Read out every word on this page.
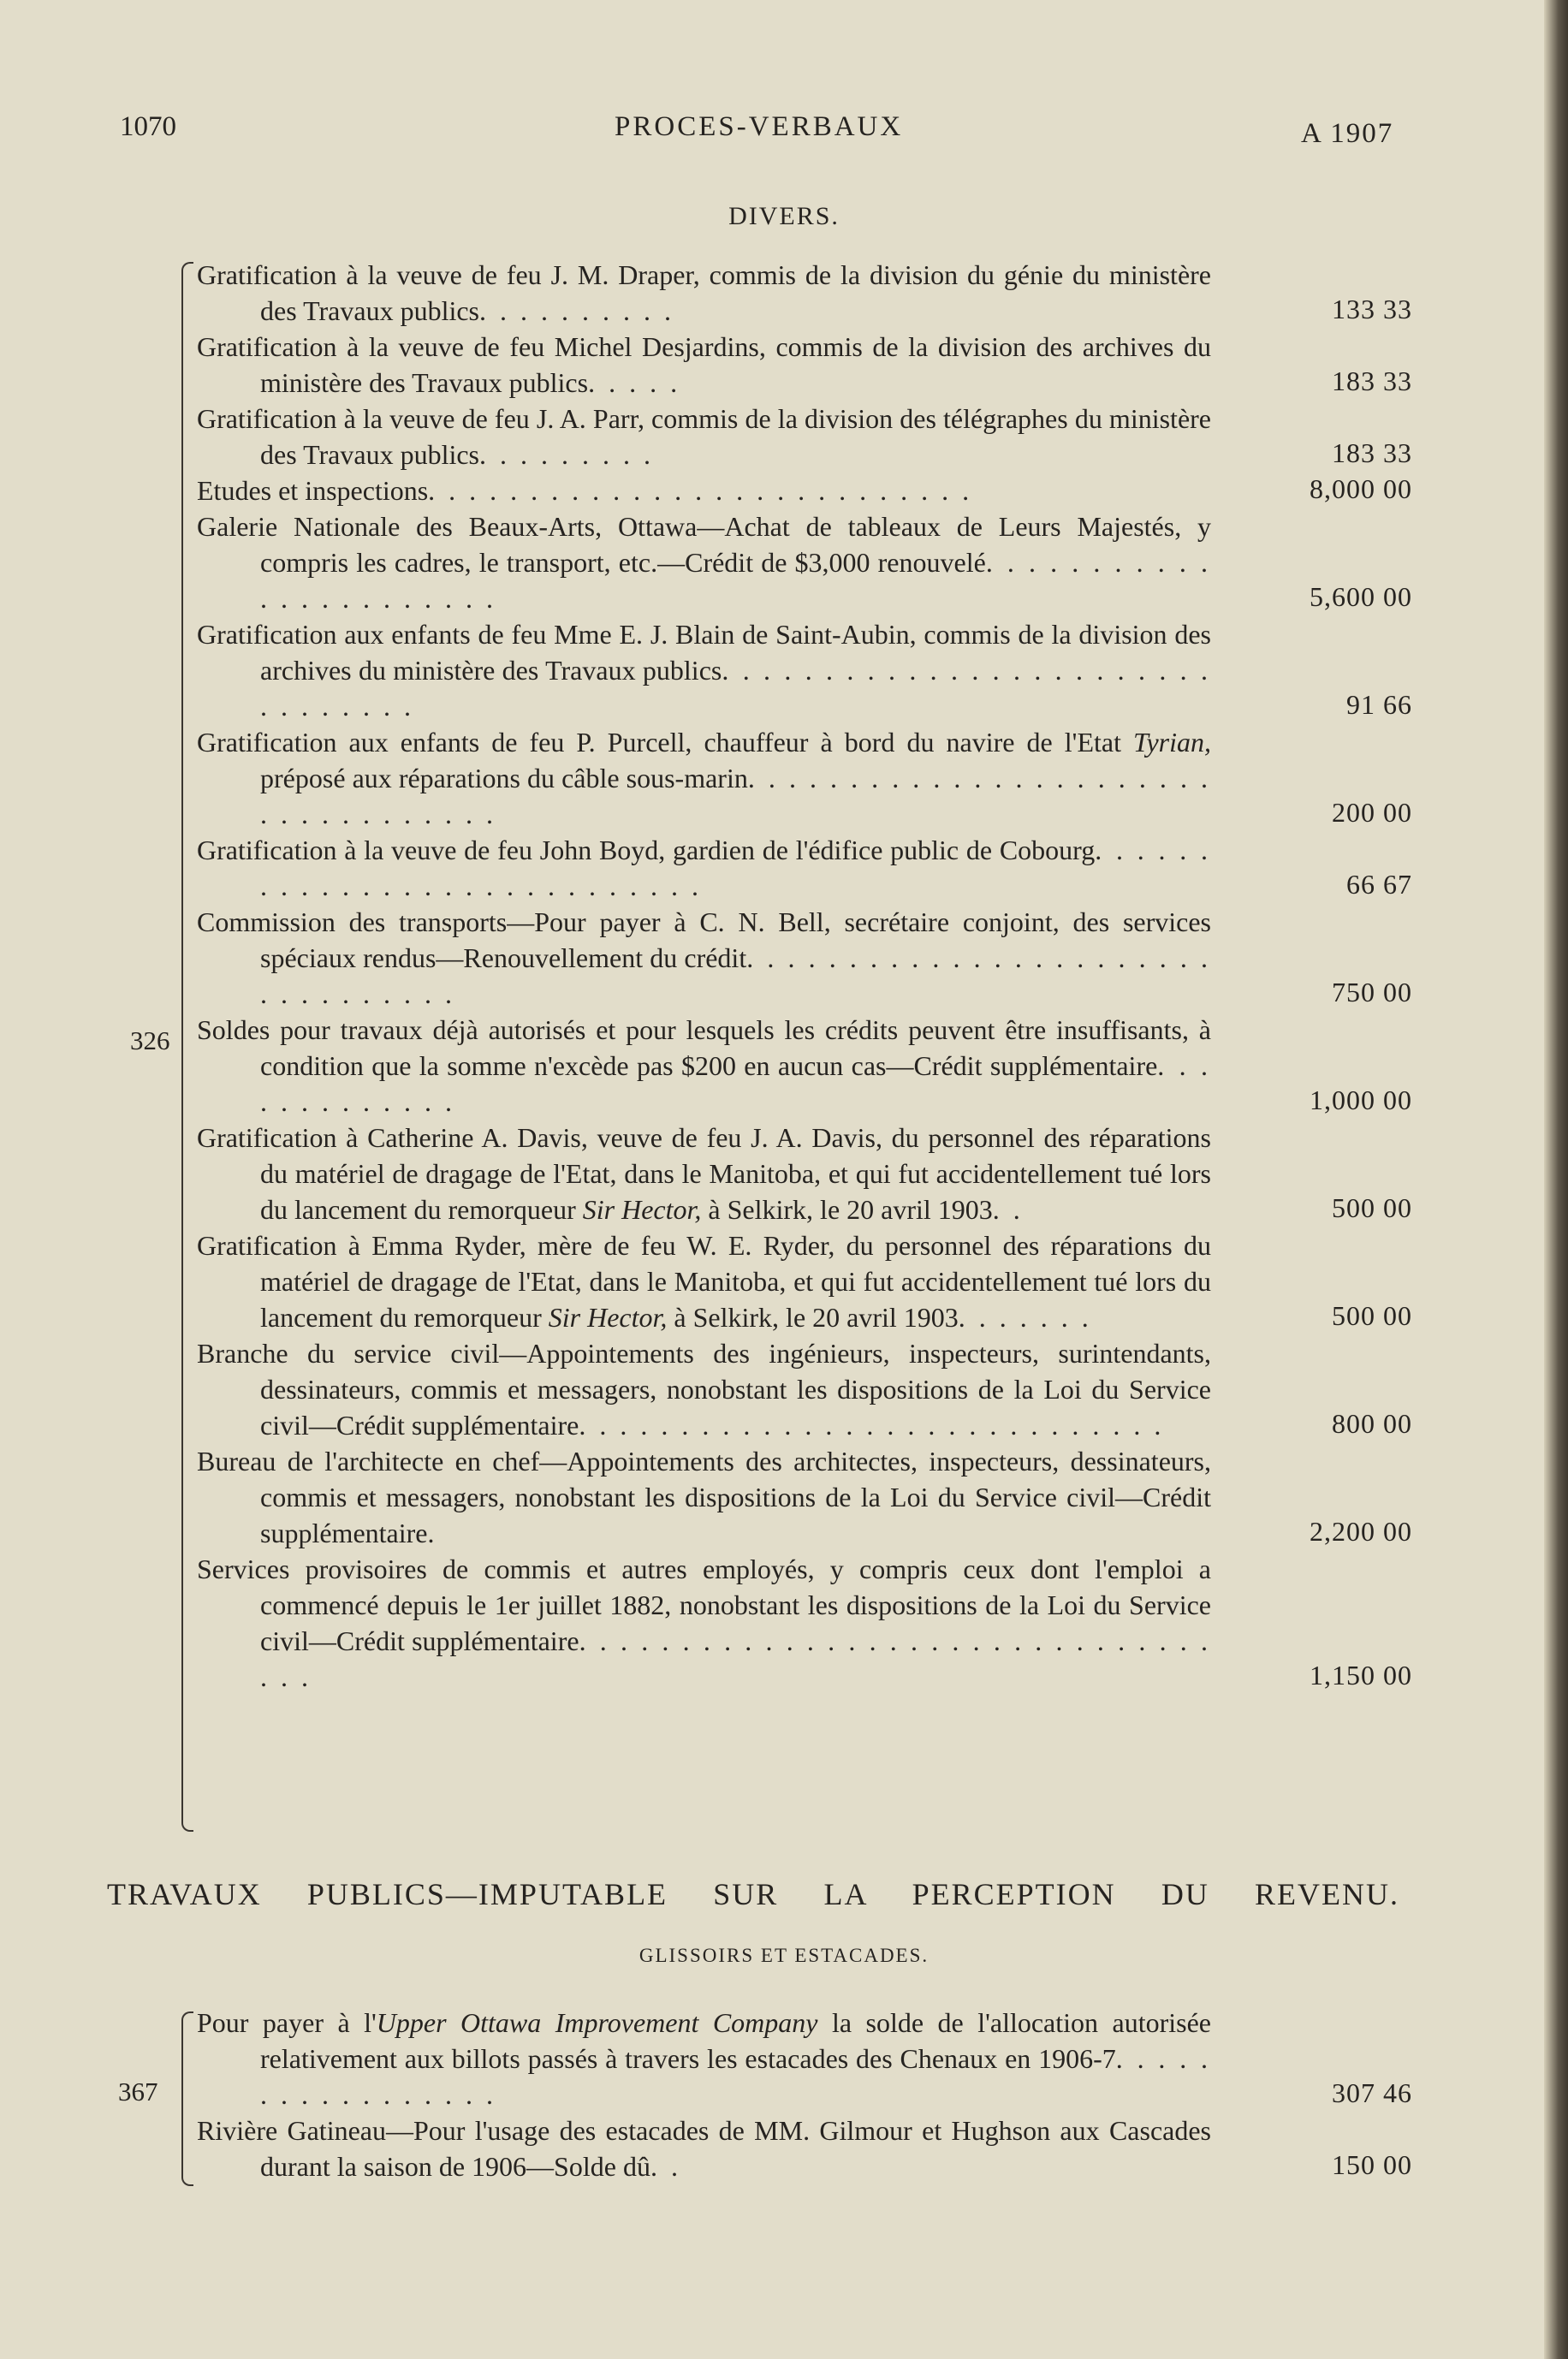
1070	PROCES-VERBAUX	A 1907
DIVERS.
326
Gratification à la veuve de feu J. M. Draper, commis de la division du génie du ministère des Travaux publics. . . . . . . . . .	133 33
Gratification à la veuve de feu Michel Desjardins, commis de la division des archives du ministère des Travaux publics. . . . .	183 33
Gratification à la veuve de feu J. A. Parr, commis de la division des télégraphes du ministère des Travaux publics. . . . . . . . .	183 33
Etudes et inspections. . . . . . . . . . . . . . . . . . . . . . . . . . .	8,000 00
Galerie Nationale des Beaux-Arts, Ottawa—Achat de tableaux de Leurs Majestés, y compris les cadres, le transport, etc.—Crédit de $3,000 renouvelé. . . . . . . . . . . . . . . . . . . . . . .	5,600 00
Gratification aux enfants de feu Mme E. J. Blain de Saint-Aubin, commis de la division des archives du ministère des Travaux publics. . . . . . . . . . . . . . . . . . . . . . . . . . . . . . . .	91 66
Gratification aux enfants de feu P. Purcell, chauffeur à bord du navire de l'Etat Tyrian, préposé aux réparations du câble sous-marin. . . . . . . . . . . . . . . . . . . . . . . . . . . . . . . . . . .	200 00
Gratification à la veuve de feu John Boyd, gardien de l'édifice public de Cobourg. . . . . . . . . . . . . . . . . . . . . . . . . . . .	66 67
Commission des transports—Pour payer à C. N. Bell, secrétaire conjoint, des services spéciaux rendus—Renouvellement du crédit. . . . . . . . . . . . . . . . . . . . . . . . . . . . . . . . .	750 00
Soldes pour travaux déjà autorisés et pour lesquels les crédits peuvent être insuffisants, à condition que la somme n'excède pas $200 en aucun cas—Crédit supplémentaire. . . . . . . . . . . . .	1,000 00
Gratification à Catherine A. Davis, veuve de feu J. A. Davis, du personnel des réparations du matériel de dragage de l'Etat, dans le Manitoba, et qui fut accidentellement tué lors du lancement du remorqueur Sir Hector, à Selkirk, le 20 avril 1903. .	500 00
Gratification à Emma Ryder, mère de feu W. E. Ryder, du personnel des réparations du matériel de dragage de l'Etat, dans le Manitoba, et qui fut accidentellement tué lors du lancement du remorqueur Sir Hector, à Selkirk, le 20 avril 1903. . . . . . .	500 00
Branche du service civil—Appointements des ingénieurs, inspecteurs, surintendants, dessinateurs, commis et messagers, nonobstant les dispositions de la Loi du Service civil—Crédit supplémentaire. . . . . . . . . . . . . . . . . . . . . . . . . . . . .	800 00
Bureau de l'architecte en chef—Appointements des architectes, inspecteurs, dessinateurs, commis et messagers, nonobstant les dispositions de la Loi du Service civil—Crédit supplémentaire.	2,200 00
Services provisoires de commis et autres employés, y compris ceux dont l'emploi a commencé depuis le 1er juillet 1882, nonobstant les dispositions de la Loi du Service civil—Crédit supplémentaire. . . . . . . . . . . . . . . . . . . . . . . . . . . . . . . . . .	1,150 00
TRAVAUX PUBLICS—IMPUTABLE SUR LA PERCEPTION DU REVENU.
GLISSOIRS ET ESTACADES.
367
Pour payer à l'Upper Ottawa Improvement Company la solde de l'allocation autorisée relativement aux billots passés à travers les estacades des Chenaux en 1906-7. . . . . . . . . . . . . . . . .	307 46
Rivière Gatineau—Pour l'usage des estacades de MM. Gilmour et Hughson aux Cascades durant la saison de 1906—Solde dû. .	150 00
